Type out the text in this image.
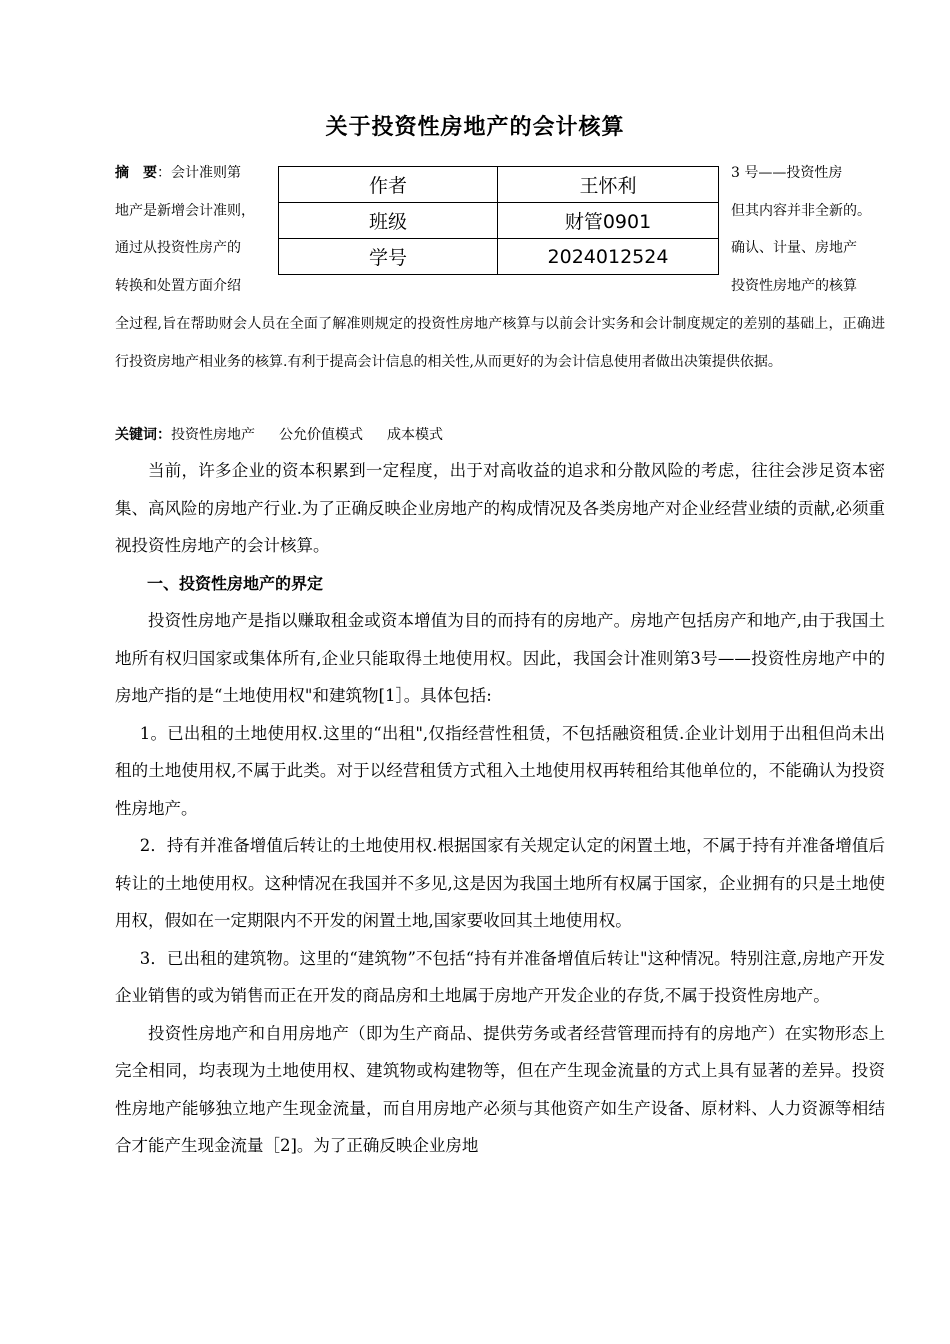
关于投资性房地产的会计核算
摘　要：会计准则第
地产是新增会计准则，
通过从投资性房产的
转换和处置方面介绍
作者	王怀利
班级	财管0901
学号	2024012524
3 号——投资性房
但其内容并非全新的。
确认、计量、房地产
投资性房地产的核算
全过程,旨在帮助财会人员在全面了解准则规定的投资性房地产核算与以前会计实务和会计制度规定的差别的基础上，正确进行投资房地产相业务的核算.有利于提高会计信息的相关性,从而更好的为会计信息使用者做出决策提供依据。
关键词：投资性房地产 公允价值模式 成本模式

当前，许多企业的资本积累到一定程度，出于对高收益的追求和分散风险的考虑，往往会涉足资本密集、高风险的房地产行业.为了正确反映企业房地产的构成情况及各类房地产对企业经营业绩的贡献,必须重视投资性房地产的会计核算。

一、投资性房地产的界定

投资性房地产是指以赚取租金或资本增值为目的而持有的房地产。房地产包括房产和地产,由于我国土地所有权归国家或集体所有,企业只能取得土地使用权。因此，我国会计准则第3号——投资性房地产中的房地产指的是“土地使用权"和建筑物[1］。具体包括:

1。已出租的土地使用权.这里的“出租",仅指经营性租赁，不包括融资租赁.企业计划用于出租但尚未出租的土地使用权,不属于此类。对于以经营租赁方式租入土地使用权再转租给其他单位的，不能确认为投资性房地产。

2．持有并准备增值后转让的土地使用权.根据国家有关规定认定的闲置土地，不属于持有并准备增值后转让的土地使用权。这种情况在我国并不多见,这是因为我国土地所有权属于国家，企业拥有的只是土地使用权，假如在一定期限内不开发的闲置土地,国家要收回其土地使用权。

3．已出租的建筑物。这里的“建筑物”不包括“持有并准备增值后转让"这种情况。特别注意,房地产开发企业销售的或为销售而正在开发的商品房和土地属于房地产开发企业的存货,不属于投资性房地产。

投资性房地产和自用房地产（即为生产商品、提供劳务或者经营管理而持有的房地产）在实物形态上完全相同，均表现为土地使用权、建筑物或构建物等，但在产生现金流量的方式上具有显著的差异。投资性房地产能够独立地产生现金流量，而自用房地产必须与其他资产如生产设备、原材料、人力资源等相结合才能产生现金流量［2]。为了正确反映企业房地
